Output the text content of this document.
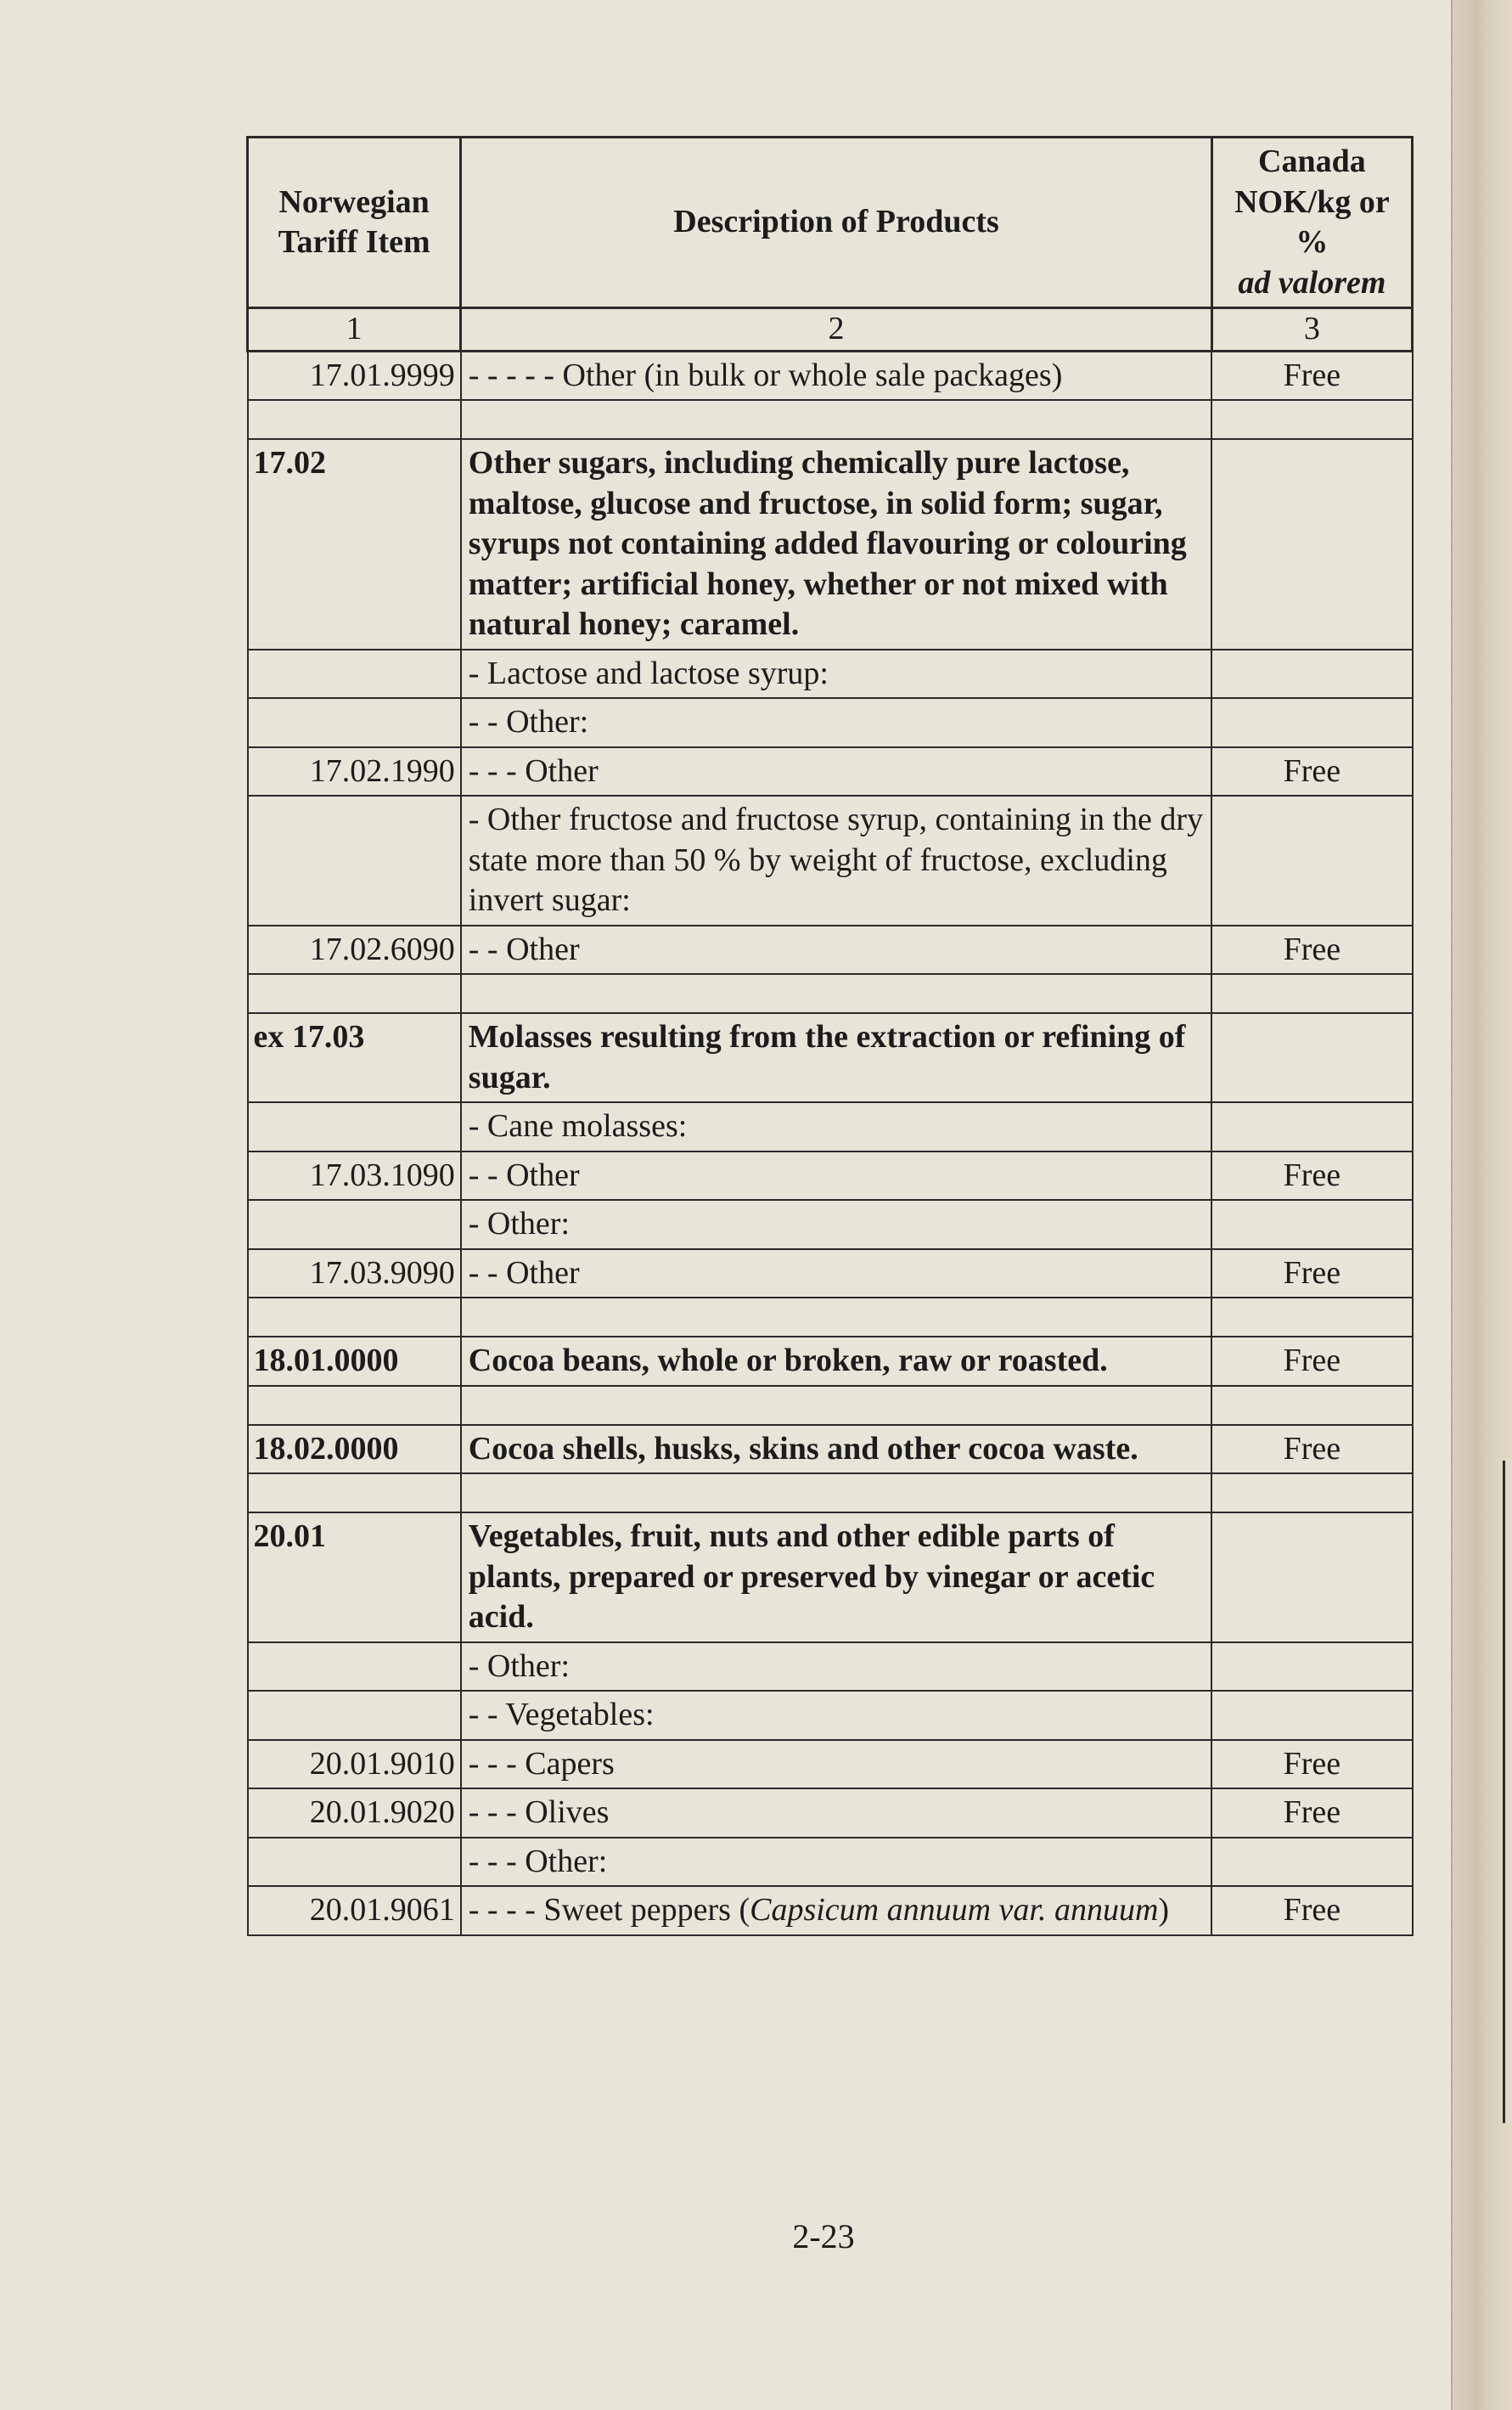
Norwegian Tariff Item	Description of Products	Canada NOK/kg or %
ad valorem

1	2	3
17.01.9999	- - - - - Other (in bulk or whole sale packages)	Free

17.02	Other sugars, including chemically pure lactose, maltose, glucose and fructose, in solid form; sugar, syrups not containing added flavouring or colouring matter; artificial honey, whether or not mixed with natural honey; caramel.	
	- Lactose and lactose syrup:	
	- - Other:	
17.02.1990	- - - Other	Free
	- Other fructose and fructose syrup, containing in the dry state more than 50 % by weight of fructose, excluding invert sugar:	
17.02.6090	- - Other	Free

ex 17.03	Molasses resulting from the extraction or refining of sugar.	
	- Cane molasses:	
17.03.1090	- - Other	Free
	- Other:	
17.03.9090	- - Other	Free

18.01.0000	Cocoa beans, whole or broken, raw or roasted.	Free

18.02.0000	Cocoa shells, husks, skins and other cocoa waste.	Free

20.01	Vegetables, fruit, nuts and other edible parts of plants, prepared or preserved by vinegar or acetic acid.	
	- Other:	
	- - Vegetables:	
20.01.9010	- - - Capers	Free
20.01.9020	- - - Olives	Free
	- - - Other:	
20.01.9061	- - - - Sweet peppers (Capsicum annuum var. annuum)	Free
2-23
